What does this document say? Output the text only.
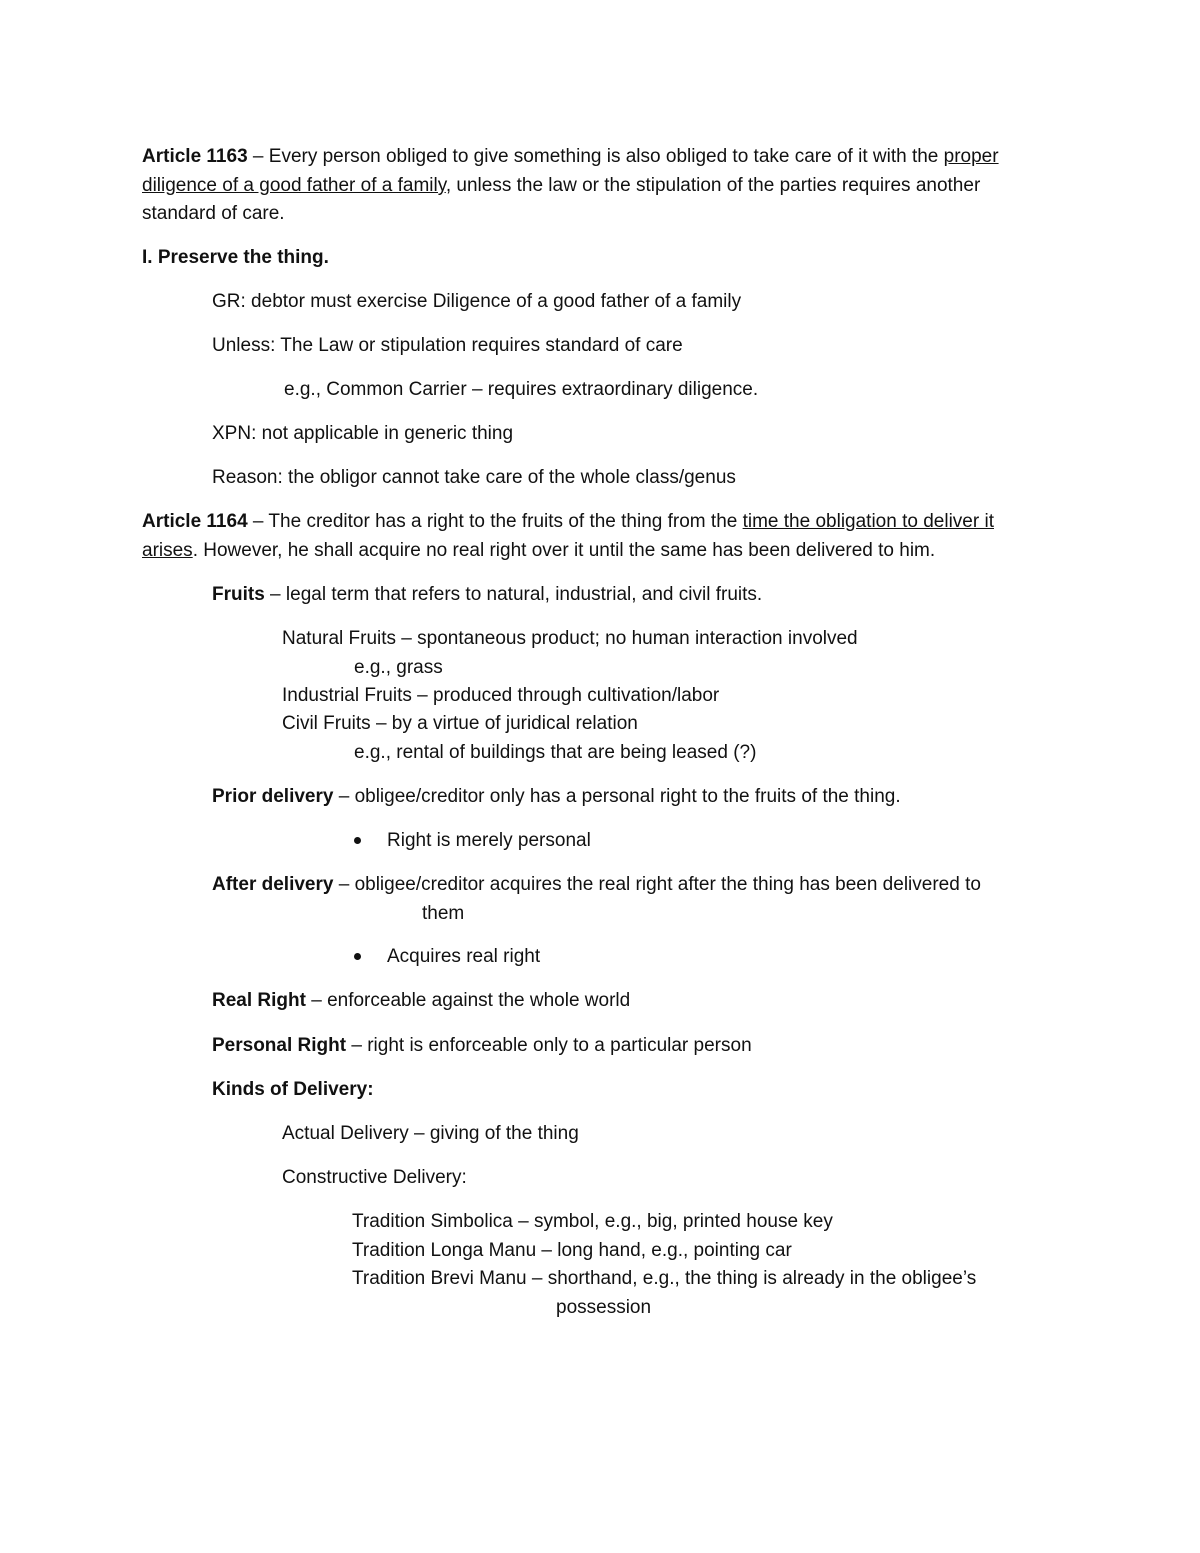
Article 1163 – Every person obliged to give something is also obliged to take care of it with the proper
diligence of a good father of a family, unless the law or the stipulation of the parties requires another
standard of care.
I. Preserve the thing.
GR: debtor must exercise Diligence of a good father of a family
Unless: The Law or stipulation requires standard of care
e.g., Common Carrier – requires extraordinary diligence.
XPN: not applicable in generic thing
Reason: the obligor cannot take care of the whole class/genus
Article 1164 – The creditor has a right to the fruits of the thing from the time the obligation to deliver it
arises. However, he shall acquire no real right over it until the same has been delivered to him.
Fruits – legal term that refers to natural, industrial, and civil fruits.
Natural Fruits – spontaneous product; no human interaction involved
e.g., grass
Industrial Fruits – produced through cultivation/labor
Civil Fruits – by a virtue of juridical relation
e.g., rental of buildings that are being leased (?)
Prior delivery – obligee/creditor only has a personal right to the fruits of the thing.
Right is merely personal
After delivery – obligee/creditor acquires the real right after the thing has been delivered to
them
Acquires real right
Real Right – enforceable against the whole world
Personal Right – right is enforceable only to a particular person
Kinds of Delivery:
Actual Delivery – giving of the thing
Constructive Delivery:
Tradition Simbolica – symbol, e.g., big, printed house key
Tradition Longa Manu – long hand, e.g., pointing car
Tradition Brevi Manu – shorthand, e.g., the thing is already in the obligee’s
possession
